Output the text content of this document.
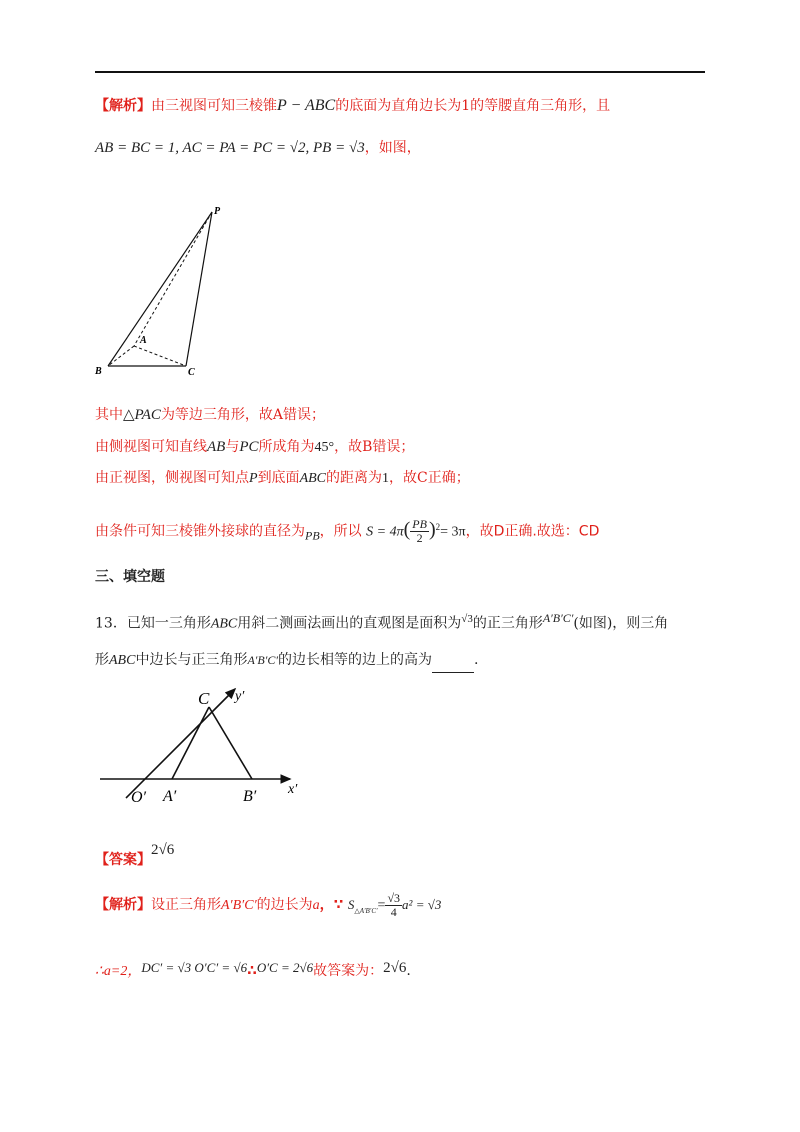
【解析】由三视图可知三棱锥P − ABC的底面为直角边长为1的等腰直角三角形，且
AB = BC = 1, AC = PA = PC = √2, PB = √3，如图，
P
A
B	C
其中△PAC为等边三角形，故A错误；
由侧视图可知直线AB与PC所成角为45°，故B错误；
由正视图，侧视图可知点P到底面ABC的距离为1，故C正确；
由条件可知三棱锥外接球的直径为PB，所以 $S = 4\pi( \frac{PB}{2} )^2= 3\pi$，故D正确.故选：CD
三、填空题
13．已知一三角形ABC用斜二测画法画出的直观图是面积为$^{√3}$的正三角形$^{A'B'C'}$(如图)，则三角
形ABC中边长与正三角形A′B′C′的边长相等的边上的高为	.
C y′
x′
O′ A′	B′
【答案】2√6
【解析】设正三角形A′B′C′的边长为a，∵ $S_{\triangle A'B'C'}= \frac{√3}{4} a^2 = √3$
∴a=2，DC′ = √3 O′C′ = √6∴O′C = 2√6故答案为：2√6.
